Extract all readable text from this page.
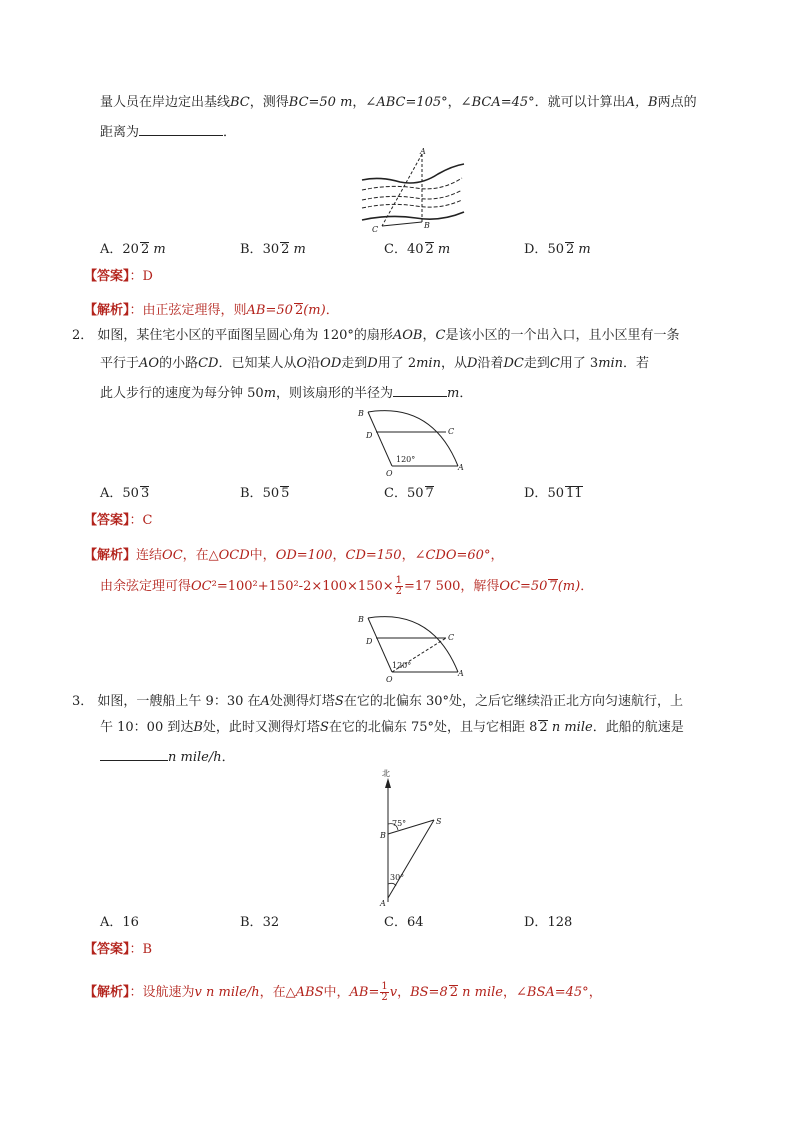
量人员在岸边定出基线BC，测得BC=50 m，∠ABC=105°，∠BCA=45°．就可以计算出A，B两点的
距离为	．
A
B
C
A．20 2 m	B．30 2 m	C．40 2 m	D．50 2 m
【答案】：D
【解析】：由正弦定理得，则AB=50 2(m)．
2． 如图，某住宅小区的平面图呈圆心角为 120°的扇形AOB，C是该小区的一个出入口，且小区里有一条
平行于AO的小路CD．已知某人从O沿OD走到D用了 2min，从D沿着DC走到C用了 3min．若
此人步行的速度为每分钟 50m，则该扇形的半径为	m．
B
D	C
O
A
120°
A．50 3	B．50 5	C．50 7	D．50 11
【答案】：C
【解析】连结OC，在△OCD中，OD=100，CD=150，∠CDO=60°，
由余弦定理可得$OC^2=100^2+150^2-2\times 100\times 150\times \frac{1}{2} =17$ 500，解得OC=50 7(m)．
B
D	C
O
A
120°
3． 如图，一艘船上午 9：30 在A处测得灯塔S在它的北偏东 30°处，之后它继续沿正北方向匀速航行，上
午 10：00 到达B处，此时又测得灯塔S在它的北偏东 75°处，且与它相距 8 2 n mile．此船的航速是
n mile/h．
北
B
S
A
75°
30°
A．16	B．32	C．64	D．128
【答案】：B
【解析】：设航速为v n mile/h，在△ABS中，$AB= \frac{1}{2}$ v，BS=8 2 n mile，∠BSA=45°，
